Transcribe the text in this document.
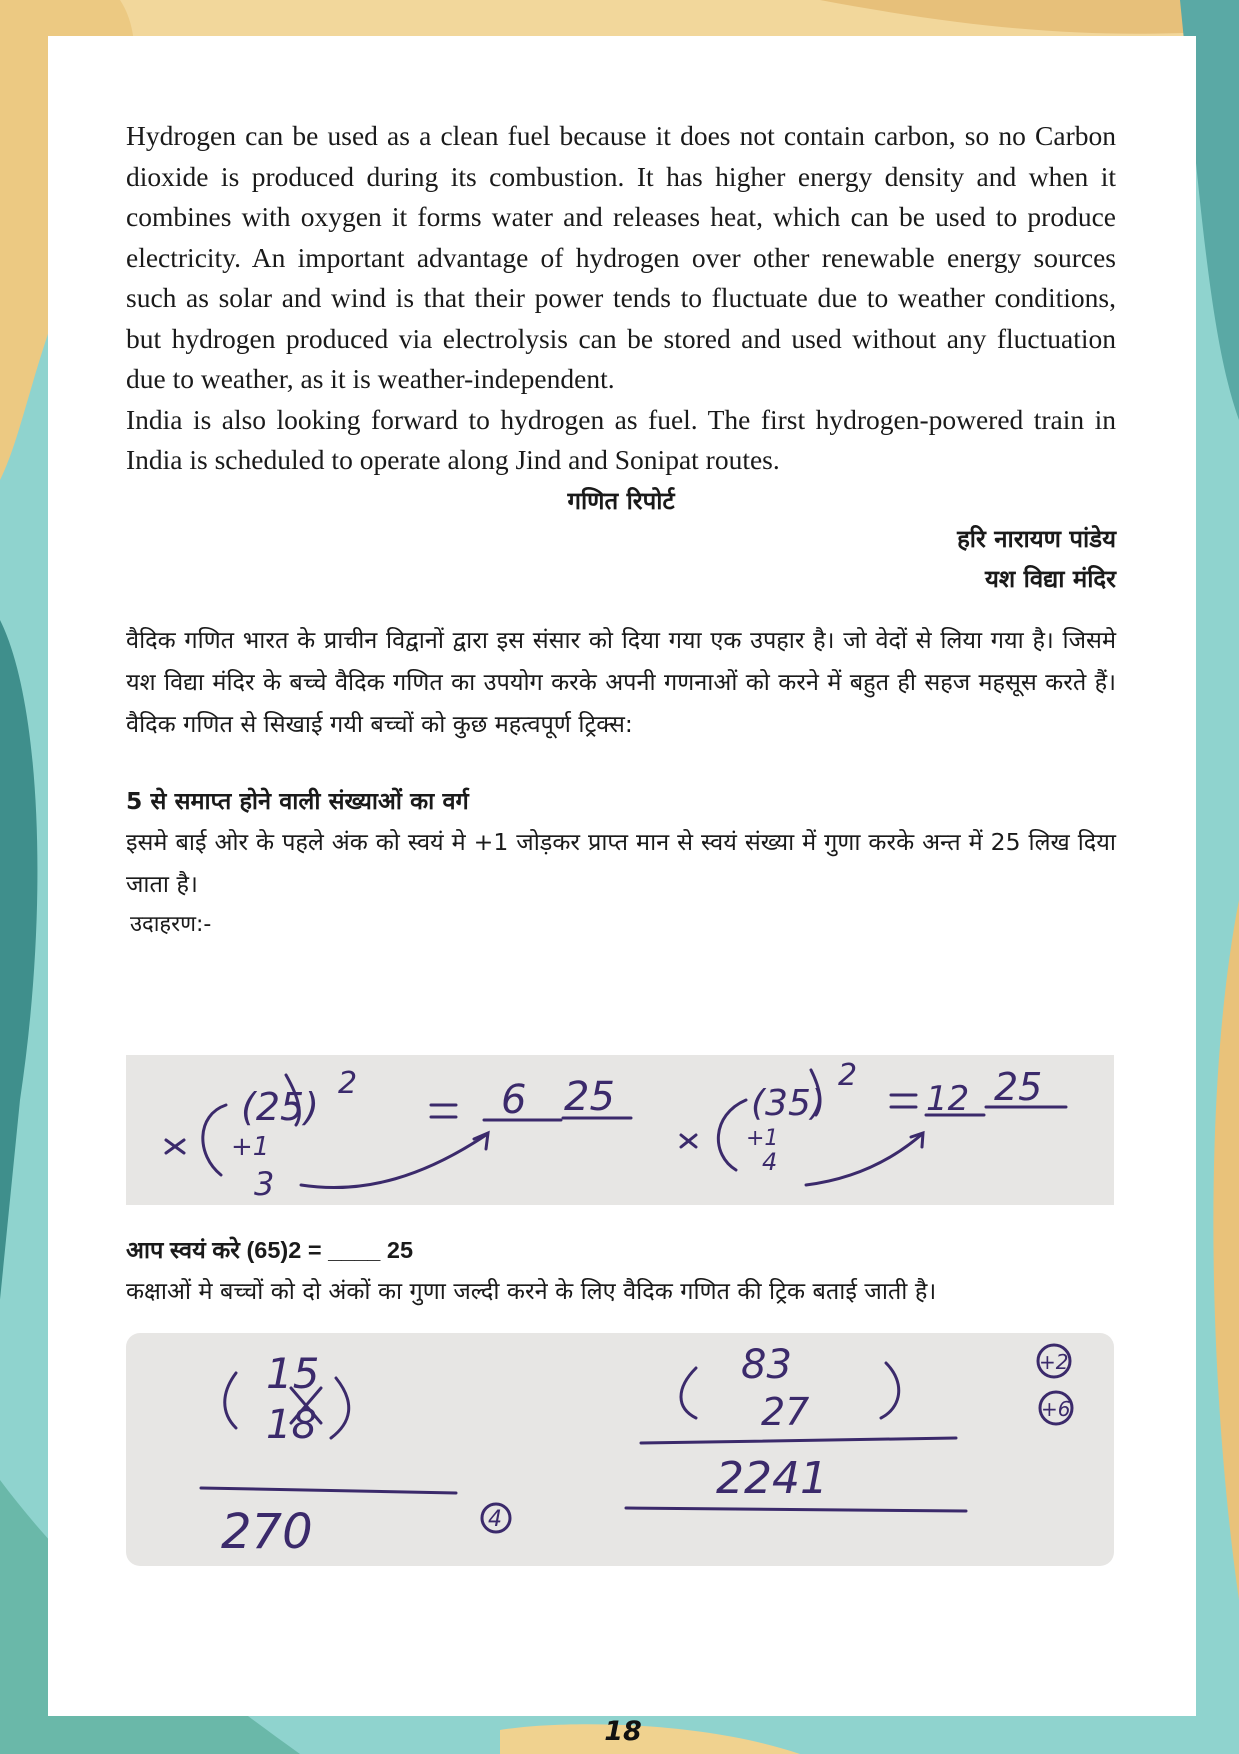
Hydrogen can be used as a clean fuel because it does not contain carbon, so no Carbon dioxide is produced during its combustion. It has higher energy density and when it combines with oxygen it forms water and releases heat, which can be used to produce electricity. An important advantage of hydrogen over other renewable energy sources such as solar and wind is that their power tends to fluctuate due to weather conditions, but hydrogen produced via electrolysis can be stored and used without any fluctuation due to weather, as it is weather-independent.

India is also looking forward to hydrogen as fuel. The first hydrogen-powered train in India is scheduled to operate along Jind and Sonipat routes.

गणित रिपोर्ट

हरि नारायण पांडेय

यश विद्या मंदिर

वैदिक गणित भारत के प्राचीन विद्वानों द्वारा इस संसार को दिया गया एक उपहार है। जो वेदों से लिया गया है। जिसमे यश विद्या मंदिर के बच्चे वैदिक गणित का उपयोग करके अपनी गणनाओं को करने में बहुत ही सहज महसूस करते हैं। वैदिक गणित से सिखाई गयी बच्चों को कुछ महत्वपूर्ण ट्रिक्स:

5 से समाप्त होने वाली संख्याओं का वर्ग

इसमे बाई ओर के पहले अंक को स्वयं मे +1 जोड़कर प्राप्त मान से स्वयं संख्या में गुणा करके अन्त में 25 लिख दिया जाता है।

उदाहरण:-

(25)
2
+1
3
6 25	(35)
2
+1
4
12 25

आप स्वयं करे (65)2 = ____ 25

कक्षाओं मे बच्चों को दो अंकों का गुणा जल्दी करने के लिए वैदिक गणित की ट्रिक बताई जाती है।

15
18
270	4
83
27
2241
+2
+6
18
